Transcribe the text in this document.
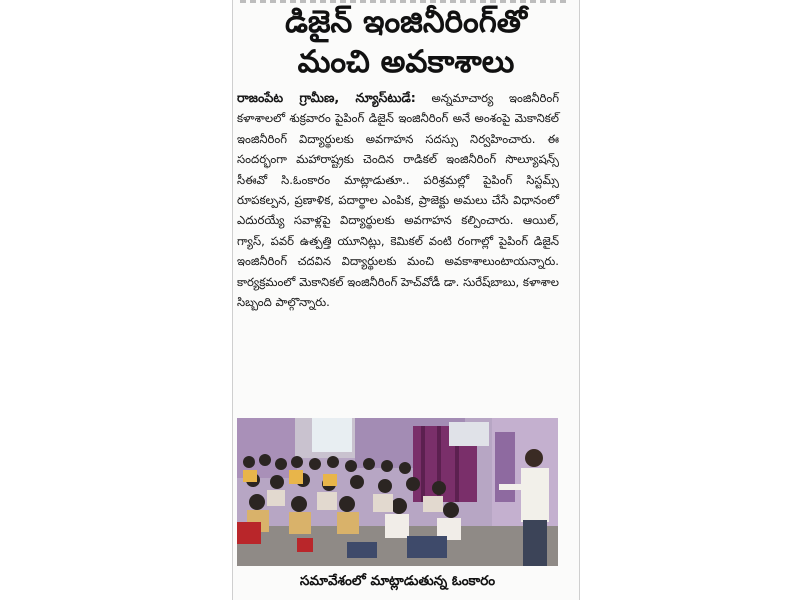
డిజైన్ ఇంజినీరింగ్‌తో
మంచి అవకాశాలు

రాజంపేట గ్రామీణ, న్యూస్‌టుడే: అన్నమాచార్య ఇంజినీరింగ్ కళాశాలలో శుక్రవారం పైపింగ్ డిజైన్ ఇంజినీరింగ్ అనే అంశంపై మెకానికల్ ఇంజినీరింగ్ విద్యార్థులకు అవగాహన సదస్సు నిర్వహించారు. ఈ సందర్భంగా మహారాష్ట్రకు చెందిన రాడికల్ ఇంజినీరింగ్ సొల్యూషన్స్ సీఈవో సి.ఓంకారం మాట్లాడుతూ.. పరిశ్రమల్లో పైపింగ్ సిస్టమ్స్ రూపకల్పన, ప్రణాళిక, పదార్థాల ఎంపిక, ప్రాజెక్టు అమలు చేసే విధానంలో ఎదురయ్యే సవాళ్లపై విద్యార్థులకు అవగాహన కల్పించారు. ఆయిల్, గ్యాస్, పవర్ ఉత్పత్తి యూనిట్లు, కెమికల్ వంటి రంగాల్లో పైపింగ్ డిజైన్ ఇంజినీరింగ్ చదవిన విద్యార్థులకు మంచి అవకాశాలుంటాయన్నారు. కార్యక్రమంలో మెకానికల్ ఇంజినీరింగ్ హెచ్‌వోడీ డా. సురేష్‌బాబు, కళాశాల సిబ్బంది పాల్గొన్నారు.

సమావేశంలో మాట్లాడుతున్న ఓంకారం
